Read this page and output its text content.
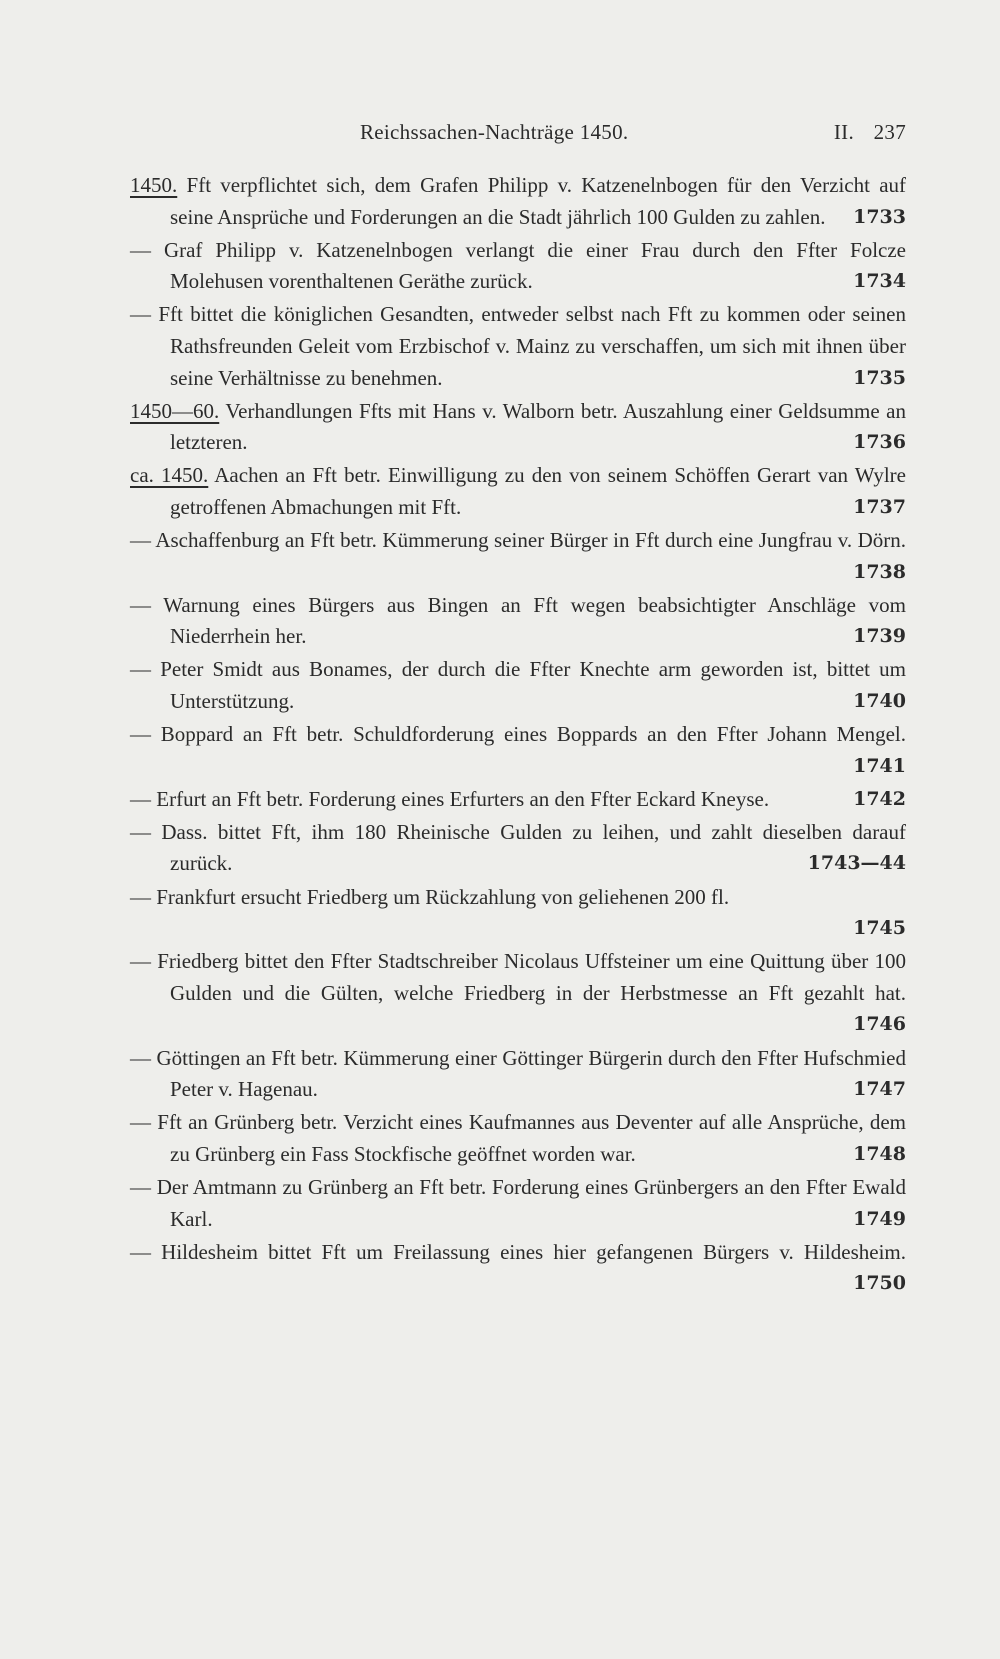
Reichssachen-Nachträge 1450.	II. 237
1450. Fft verpflichtet sich, dem Grafen Philipp v. Katzenelnbogen für den Verzicht auf seine Ansprüche und Forderungen an die Stadt jährlich 100 Gulden zu zahlen.	1733
— Graf Philipp v. Katzenelnbogen verlangt die einer Frau durch den Ffter Folcze Molehusen vorenthaltenen Geräthe zurück.	1734
— Fft bittet die königlichen Gesandten, entweder selbst nach Fft zu kommen oder seinen Rathsfreunden Geleit vom Erzbischof v. Mainz zu verschaffen, um sich mit ihnen über seine Verhältnisse zu benehmen.	1735
1450—60. Verhandlungen Ffts mit Hans v. Walborn betr. Auszahlung einer Geldsumme an letzteren.	1736
ca. 1450. Aachen an Fft betr. Einwilligung zu den von seinem Schöffen Gerart van Wylre getroffenen Abmachungen mit Fft.	1737
— Aschaffenburg an Fft betr. Kümmerung seiner Bürger in Fft durch eine Jungfrau v. Dörn.
1738
— Warnung eines Bürgers aus Bingen an Fft wegen beabsichtigter Anschläge vom Niederrhein her.	1739
— Peter Smidt aus Bonames, der durch die Ffter Knechte arm geworden ist, bittet um Unterstützung.	1740
— Boppard an Fft betr. Schuldforderung eines Boppards an den Ffter Johann Mengel.
1741
— Erfurt an Fft betr. Forderung eines Erfurters an den Ffter Eckard Kneyse.	1742
— Dass. bittet Fft, ihm 180 Rheinische Gulden zu leihen, und zahlt dieselben darauf zurück.	1743—44
— Frankfurt ersucht Friedberg um Rückzahlung von geliehenen 200 fl.
1745
— Friedberg bittet den Ffter Stadtschreiber Nicolaus Uffsteiner um eine Quittung über 100 Gulden und die Gülten, welche Friedberg in der Herbstmesse an Fft gezahlt hat.
1746
— Göttingen an Fft betr. Kümmerung einer Göttinger Bürgerin durch den Ffter Hufschmied Peter v. Hagenau.	1747
— Fft an Grünberg betr. Verzicht eines Kaufmannes aus Deventer auf alle Ansprüche, dem zu Grünberg ein Fass Stockfische geöffnet worden war.	1748
— Der Amtmann zu Grünberg an Fft betr. Forderung eines Grünbergers an den Ffter Ewald Karl.	1749
— Hildesheim bittet Fft um Freilassung eines hier gefangenen Bürgers v. Hildesheim.
1750
